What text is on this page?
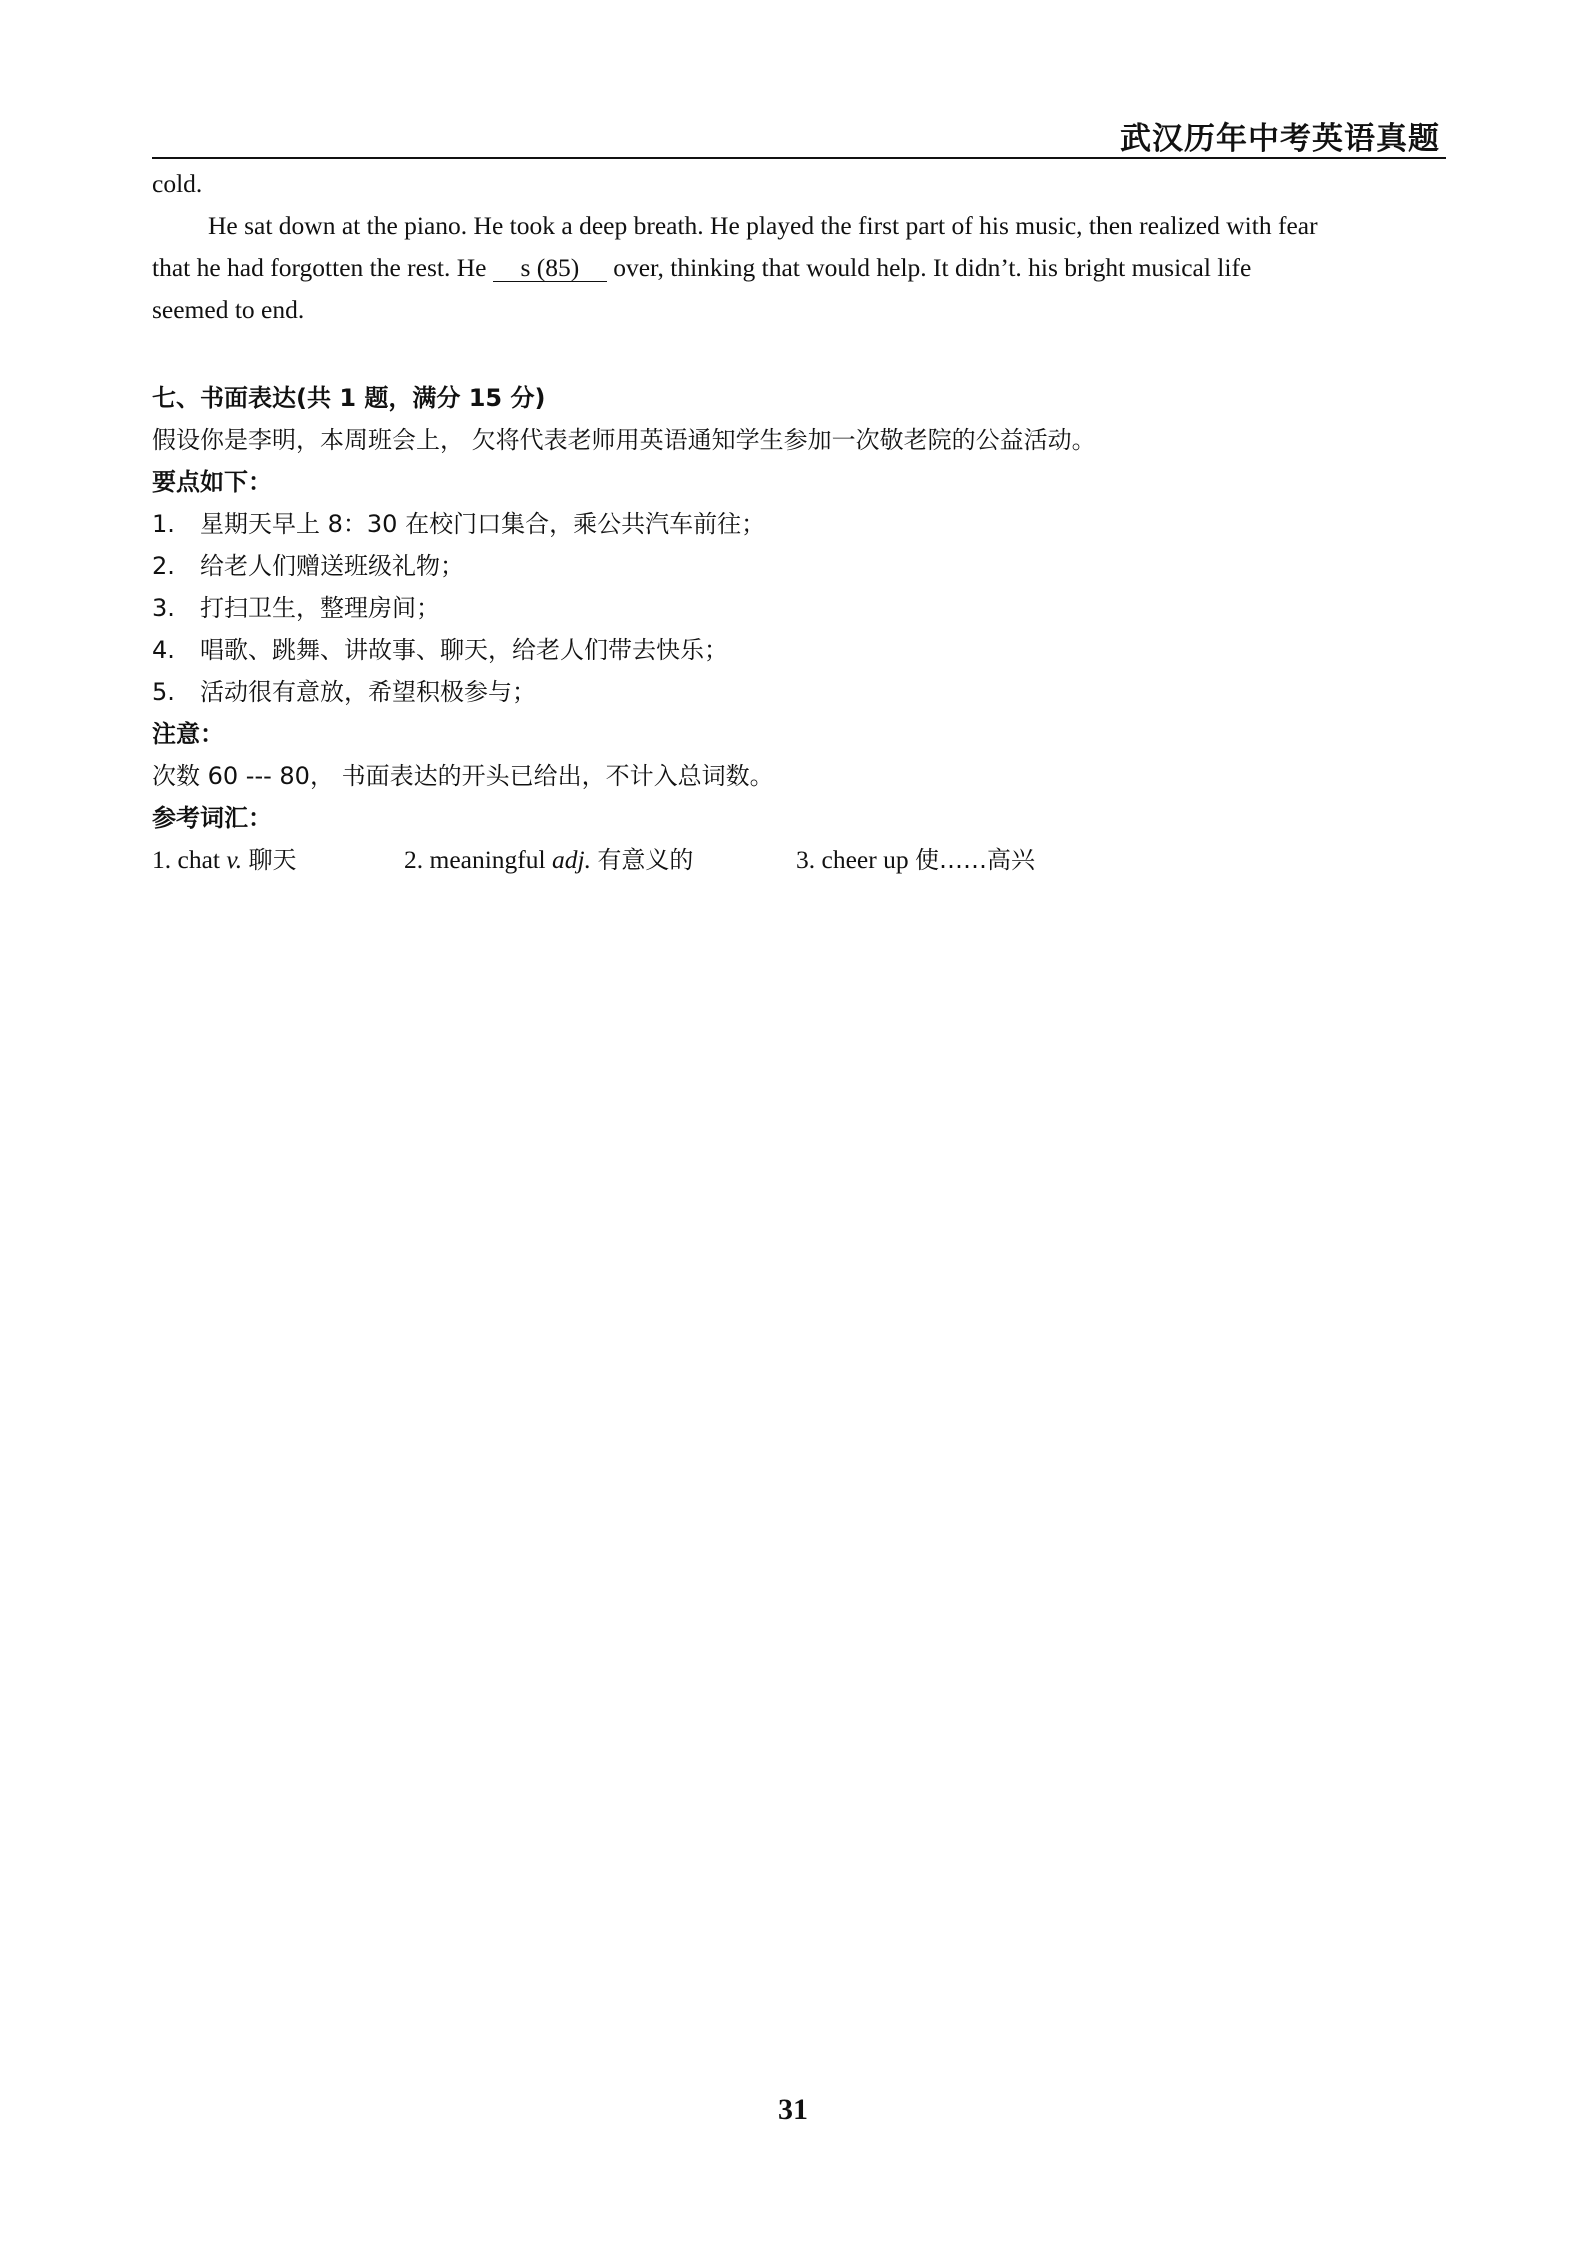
武汉历年中考英语真题
cold.
He sat down at the piano. He took a deep breath. He played the first part of his music, then realized with fear
that he had forgotten the rest. He s (85) over, thinking that would help. It didn’t. his bright musical life
seemed to end.
七、书面表达(共 1 题，满分 15 分)
假设你是李明，本周班会上， 欠将代表老师用英语通知学生参加一次敬老院的公益活动。
要点如下：
1. 星期天早上 8：30 在校门口集合，乘公共汽车前往；
2. 给老人们赠送班级礼物；
3. 打扫卫生，整理房间；
4. 唱歌、跳舞、讲故事、聊天，给老人们带去快乐；
5. 活动很有意放，希望积极参与；
注意：
次数 60 --- 80， 书面表达的开头已给出，不计入总词数。
参考词汇：
1. chat v. 聊天	2. meaningful adj. 有意义的	3. cheer up 使……高兴
31
